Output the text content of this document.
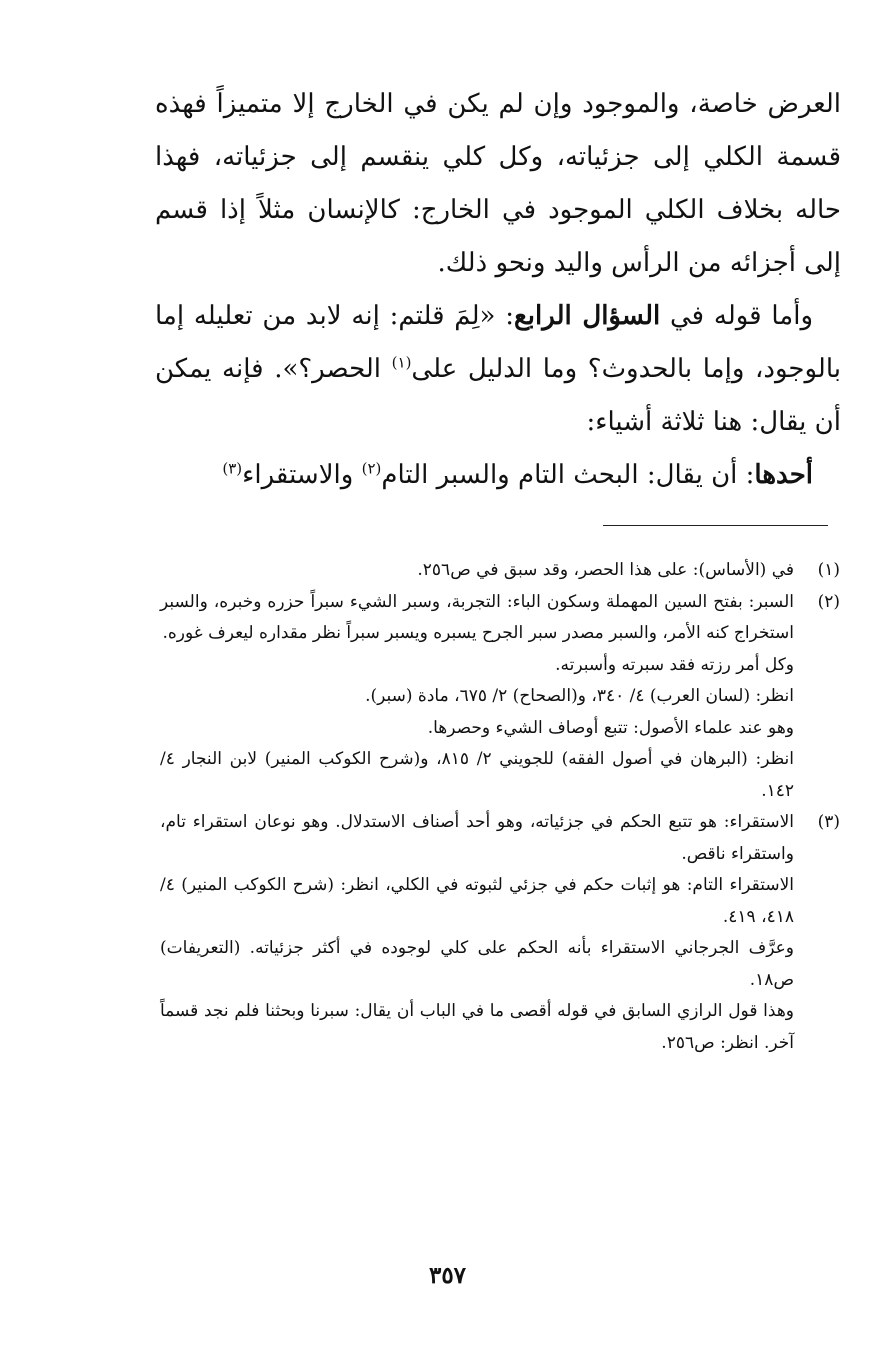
العرض خاصة، والموجود وإن لم يكن في الخارج إلا متميزاً فهذه قسمة الكلي إلى جزئياته، وكل كلي ينقسم إلى جزئياته، فهذا حاله بخلاف الكلي الموجود في الخارج: كالإنسان مثلاً إذا قسم إلى أجزائه من الرأس واليد ونحو ذلك.

وأما قوله في السؤال الرابع: «لِمَ قلتم: إنه لابد من تعليله إما بالوجود، وإما بالحدوث؟ وما الدليل على$^{(١)}$ الحصر؟». فإنه يمكن أن يقال: هنا ثلاثة أشياء:

أحدها: أن يقال: البحث التام والسبر التام$^{(٢)}$ والاستقراء$^{(٣)}$

(١)

في (الأساس): على هذا الحصر، وقد سبق في ص٢٥٦.

(٢)

السبر: بفتح السين المهملة وسكون الباء: التجربة، وسبر الشيء سبراً حزره وخبره، والسبر استخراج كنه الأمر، والسبر مصدر سبر الجرح يسبره ويسبر سبراً نظر مقداره ليعرف غوره.

وكل أمر رزته فقد سبرته وأسبرته.

انظر: (لسان العرب) ٤/ ٣٤٠، و(الصحاح) ٢/ ٦٧٥، مادة (سبر).

وهو عند علماء الأصول: تتبع أوصاف الشيء وحصرها.

انظر: (البرهان في أصول الفقه) للجويني ٢/ ٨١٥، و(شرح الكوكب المنير) لابن النجار ٤/ ١٤٢.

(٣)

الاستقراء: هو تتبع الحكم في جزئياته، وهو أحد أصناف الاستدلال. وهو نوعان استقراء تام، واستقراء ناقص.

الاستقراء التام: هو إثبات حكم في جزئي لثبوته في الكلي، انظر: (شرح الكوكب المنير) ٤/ ٤١٨، ٤١٩.

وعرَّف الجرجاني الاستقراء بأنه الحكم على كلي لوجوده في أكثر جزئياته. (التعريفات) ص١٨.

وهذا قول الرازي السابق في قوله أقصى ما في الباب أن يقال: سبرنا وبحثنا فلم نجد قسماً آخر. انظر: ص٢٥٦.

٣٥٧
